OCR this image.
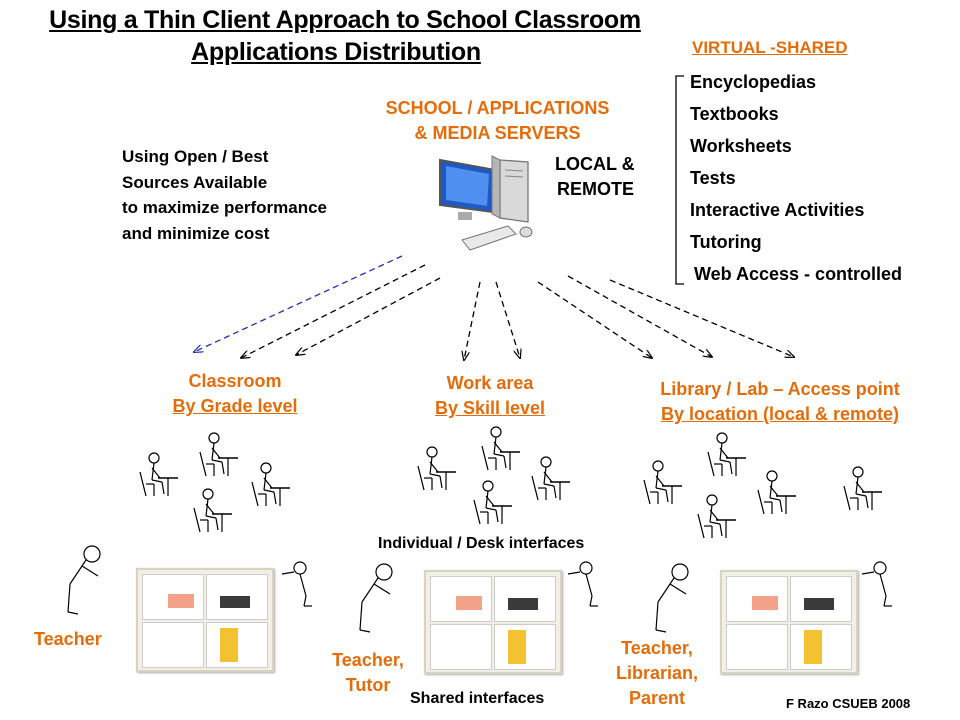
Using a Thin Client Approach to School Classroom
Applications Distribution	VIRTUAL -SHARED
Encyclopedias
Textbooks
Worksheets
Tests
Interactive Activities
Tutoring
Web Access - controlled
SCHOOL / APPLICATIONS
& MEDIA SERVERS
LOCAL &
REMOTE
Using Open / Best
Sources Available
to maximize performance
and minimize cost
Classroom
By Grade level
Work area
By Skill level
Library / Lab – Access point
By location (local & remote)
Individual / Desk interfaces
Shared interfaces
Teacher
Teacher,
Tutor
Teacher,
Librarian,
Parent	F Razo CSUEB 2008
